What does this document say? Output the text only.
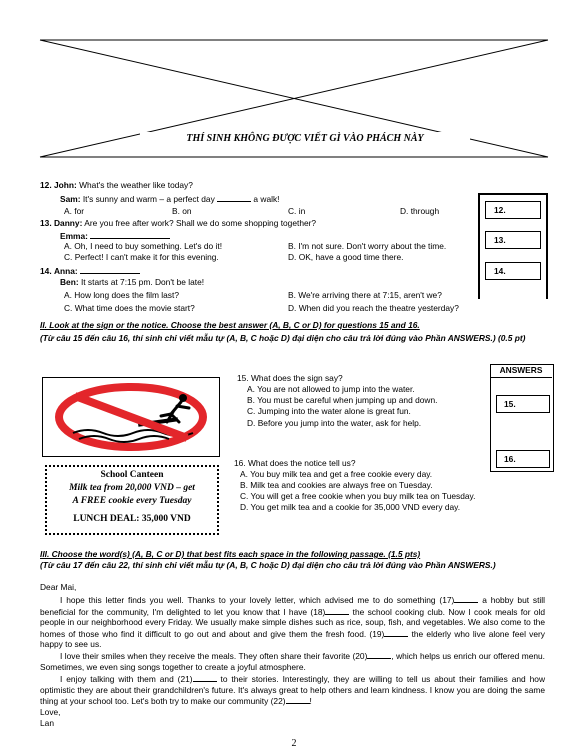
THÍ SINH KHÔNG ĐƯỢC VIẾT GÌ VÀO PHÁCH NÀY
12. John: What's the weather like today?
Sam: It's sunny and warm – a perfect day	a walk!
A. for	B. on	C. in	D. through
13. Danny: Are you free after work? Shall we do some shopping together?
Emma:
A. Oh, I need to buy something. Let's do it!	B. I'm not sure. Don't worry about the time.
C. Perfect! I can't make it for this evening.	D. OK, have a good time there.
14. Anna:
Ben: It starts at 7:15 pm. Don't be late!
A. How long does the film last?	B. We're arriving there at 7:15, aren't we?
C. What time does the movie start?	D. When did you reach the theatre yesterday?
12.
13.
14.
II. Look at the sign or the notice. Choose the best answer (A, B, C or D) for questions 15 and 16.
(Từ câu 15 đến câu 16, thí sinh chỉ viết mẫu tự (A, B, C hoặc D) đại diện cho câu trả lời đúng vào Phần ANSWERS.) (0.5 pt)
School Canteen
Milk tea from 20,000 VND – get
A FREE cookie every Tuesday
LUNCH DEAL: 35,000 VND
15. What does the sign say?
A. You are not allowed to jump into the water.
B. You must be careful when jumping up and down.
C. Jumping into the water alone is great fun.
D. Before you jump into the water, ask for help.
16. What does the notice tell us?
A. You buy milk tea and get a free cookie every day.
B. Milk tea and cookies are always free on Tuesday.
C. You will get a free cookie when you buy milk tea on Tuesday.
D. You get milk tea and a cookie for 35,000 VND every day.
ANSWERS
15.
16.
III. Choose the word(s) (A, B, C or D) that best fits each space in the following passage. (1.5 pts)
(Từ câu 17 đến câu 22, thí sinh chỉ viết mẫu tự (A, B, C hoặc D) đại diện cho câu trả lời đúng vào Phần ANSWERS.)
Dear Mai,
I hope this letter finds you well. Thanks to your lovely letter, which advised me to do something (17)	a hobby but still beneficial for the community, I'm delighted to let you know that I have (18)	the school cooking club. Now I cook meals for old people in our neighborhood every Friday. We usually make simple dishes such as rice, soup, fish, and vegetables. We also come to the homes of those who find it difficult to go out and about and give them the fresh food. (19)	the elderly who live alone feel very happy to see us.
I love their smiles when they receive the meals. They often share their favorite (20)	, which helps us enrich our offered menu. Sometimes, we even sing songs together to create a joyful atmosphere.
I enjoy talking with them and (21)	to their stories. Interestingly, they are willing to tell us about their families and how optimistic they are about their grandchildren's future. It's always great to help others and learn kindness. I know you are doing the same thing at your school too. Let's both try to make our community (22)	!
Love,
Lan
2
